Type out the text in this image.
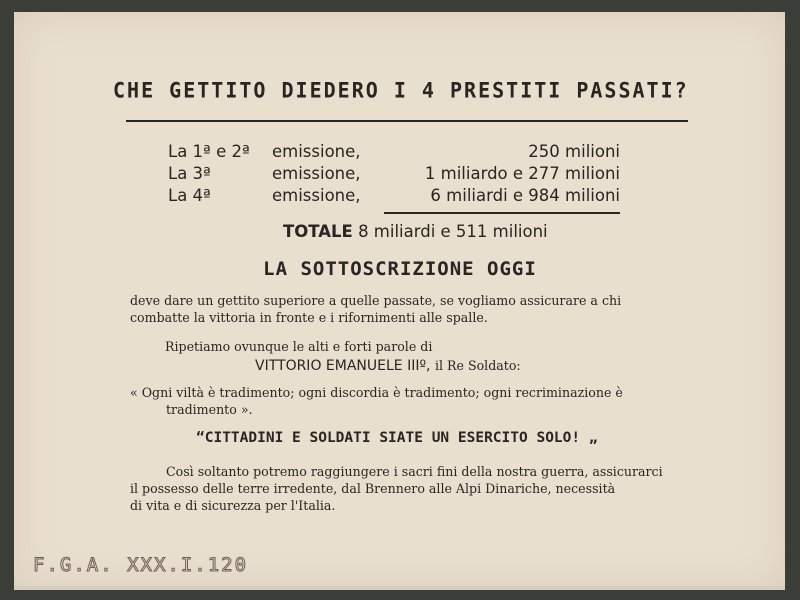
CHE GETTITO DIEDERO I 4 PRESTITI PASSATI?
La 1ª e 2ª emissione,	250 milioni
La 3ª	emissione,	1 miliardo e 277 milioni
La 4ª	emissione,	6 miliardi e 984 milioni
TOTALE 8 miliardi e 511 milioni
LA SOTTOSCRIZIONE OGGI
deve dare un gettito superiore a quelle passate, se vogliamo assicurare a chi
combatte la vittoria in fronte e i rifornimenti alle spalle.
Ripetiamo ovunque le alti e forti parole di
VITTORIO EMANUELE IIIº, il Re Soldato:
« Ogni viltà è tradimento; ogni discordia è tradimento; ogni recriminazione è
tradimento ».
“CITTADINI E SOLDATI SIATE UN ESERCITO SOLO! „
Così soltanto potremo raggiungere i sacri fini della nostra guerra, assicurarci
il possesso delle terre irredente, dal Brennero alle Alpi Dinariche, necessità
di vita e di sicurezza per l'Italia.
F.G.A. XXX.I.120
